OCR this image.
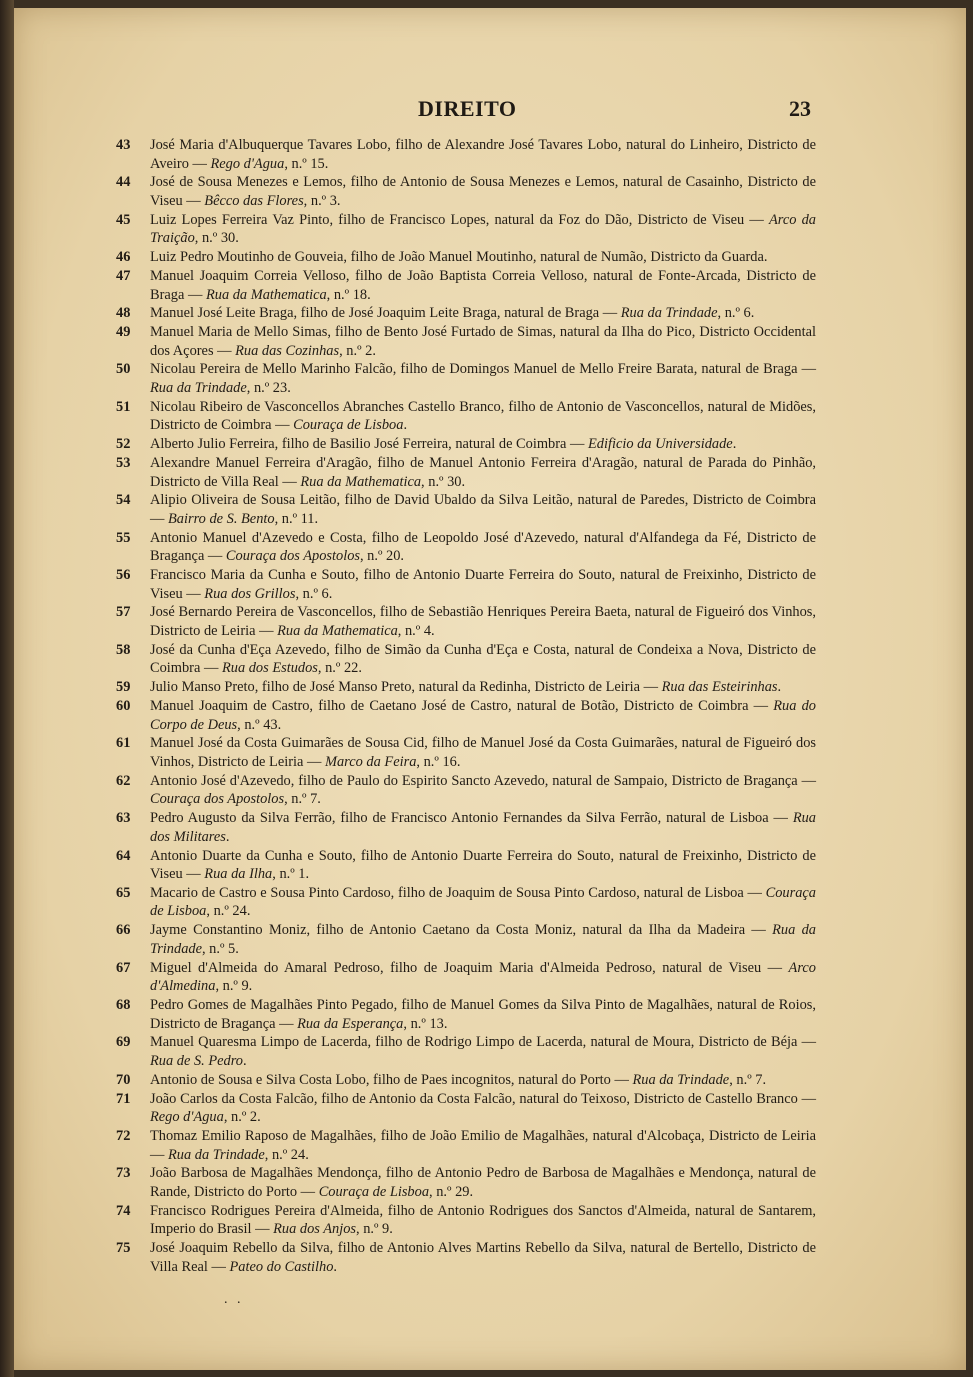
DIREITO	23

43	José Maria d'Albuquerque Tavares Lobo, filho de Alexandre José Tavares Lobo, natural do Linheiro, Districto de Aveiro — Rego d'Agua, n.º 15.

44	José de Sousa Menezes e Lemos, filho de Antonio de Sousa Menezes e Lemos, natural de Casainho, Districto de Viseu — Bêcco das Flores, n.º 3.

45	Luiz Lopes Ferreira Vaz Pinto, filho de Francisco Lopes, natural da Foz do Dão, Districto de Viseu — Arco da Traição, n.º 30.

46	Luiz Pedro Moutinho de Gouveia, filho de João Manuel Moutinho, natural de Numão, Districto da Guarda.

47	Manuel Joaquim Correia Velloso, filho de João Baptista Correia Velloso, natural de Fonte-Arcada, Districto de Braga — Rua da Mathematica, n.º 18.

48	Manuel José Leite Braga, filho de José Joaquim Leite Braga, natural de Braga — Rua da Trindade, n.º 6.

49	Manuel Maria de Mello Simas, filho de Bento José Furtado de Simas, natural da Ilha do Pico, Districto Occidental dos Açores — Rua das Cozinhas, n.º 2.

50	Nicolau Pereira de Mello Marinho Falcão, filho de Domingos Manuel de Mello Freire Barata, natural de Braga — Rua da Trindade, n.º 23.

51	Nicolau Ribeiro de Vasconcellos Abranches Castello Branco, filho de Antonio de Vasconcellos, natural de Midões, Districto de Coimbra — Couraça de Lisboa.

52	Alberto Julio Ferreira, filho de Basilio José Ferreira, natural de Coimbra — Edificio da Universidade.

53	Alexandre Manuel Ferreira d'Aragão, filho de Manuel Antonio Ferreira d'Aragão, natural de Parada do Pinhão, Districto de Villa Real — Rua da Mathematica, n.º 30.

54	Alipio Oliveira de Sousa Leitão, filho de David Ubaldo da Silva Leitão, natural de Paredes, Districto de Coimbra — Bairro de S. Bento, n.º 11.

55	Antonio Manuel d'Azevedo e Costa, filho de Leopoldo José d'Azevedo, natural d'Alfandega da Fé, Districto de Bragança — Couraça dos Apostolos, n.º 20.

56	Francisco Maria da Cunha e Souto, filho de Antonio Duarte Ferreira do Souto, natural de Freixinho, Districto de Viseu — Rua dos Grillos, n.º 6.

57	José Bernardo Pereira de Vasconcellos, filho de Sebastião Henriques Pereira Baeta, natural de Figueiró dos Vinhos, Districto de Leiria — Rua da Mathematica, n.º 4.

58	José da Cunha d'Eça Azevedo, filho de Simão da Cunha d'Eça e Costa, natural de Condeixa a Nova, Districto de Coimbra — Rua dos Estudos, n.º 22.

59	Julio Manso Preto, filho de José Manso Preto, natural da Redinha, Districto de Leiria — Rua das Esteirinhas.

60	Manuel Joaquim de Castro, filho de Caetano José de Castro, natural de Botão, Districto de Coimbra — Rua do Corpo de Deus, n.º 43.

61	Manuel José da Costa Guimarães de Sousa Cid, filho de Manuel José da Costa Guimarães, natural de Figueiró dos Vinhos, Districto de Leiria — Marco da Feira, n.º 16.

62	Antonio José d'Azevedo, filho de Paulo do Espirito Sancto Azevedo, natural de Sampaio, Districto de Bragança — Couraça dos Apostolos, n.º 7.

63	Pedro Augusto da Silva Ferrão, filho de Francisco Antonio Fernandes da Silva Ferrão, natural de Lisboa — Rua dos Militares.

64	Antonio Duarte da Cunha e Souto, filho de Antonio Duarte Ferreira do Souto, natural de Freixinho, Districto de Viseu — Rua da Ilha, n.º 1.

65	Macario de Castro e Sousa Pinto Cardoso, filho de Joaquim de Sousa Pinto Cardoso, natural de Lisboa — Couraça de Lisboa, n.º 24.

66	Jayme Constantino Moniz, filho de Antonio Caetano da Costa Moniz, natural da Ilha da Madeira — Rua da Trindade, n.º 5.

67	Miguel d'Almeida do Amaral Pedroso, filho de Joaquim Maria d'Almeida Pedroso, natural de Viseu — Arco d'Almedina, n.º 9.

68	Pedro Gomes de Magalhães Pinto Pegado, filho de Manuel Gomes da Silva Pinto de Magalhães, natural de Roios, Districto de Bragança — Rua da Esperança, n.º 13.

69	Manuel Quaresma Limpo de Lacerda, filho de Rodrigo Limpo de Lacerda, natural de Moura, Districto de Béja — Rua de S. Pedro.

70	Antonio de Sousa e Silva Costa Lobo, filho de Paes incognitos, natural do Porto — Rua da Trindade, n.º 7.

71	João Carlos da Costa Falcão, filho de Antonio da Costa Falcão, natural do Teixoso, Districto de Castello Branco — Rego d'Agua, n.º 2.

72	Thomaz Emilio Raposo de Magalhães, filho de João Emilio de Magalhães, natural d'Alcobaça, Districto de Leiria — Rua da Trindade, n.º 24.

73	João Barbosa de Magalhães Mendonça, filho de Antonio Pedro de Barbosa de Magalhães e Mendonça, natural de Rande, Districto do Porto — Couraça de Lisboa, n.º 29.

74	Francisco Rodrigues Pereira d'Almeida, filho de Antonio Rodrigues dos Sanctos d'Almeida, natural de Santarem, Imperio do Brasil — Rua dos Anjos, n.º 9.

75	José Joaquim Rebello da Silva, filho de Antonio Alves Martins Rebello da Silva, natural de Bertello, Districto de Villa Real — Pateo do Castilho.

. .
